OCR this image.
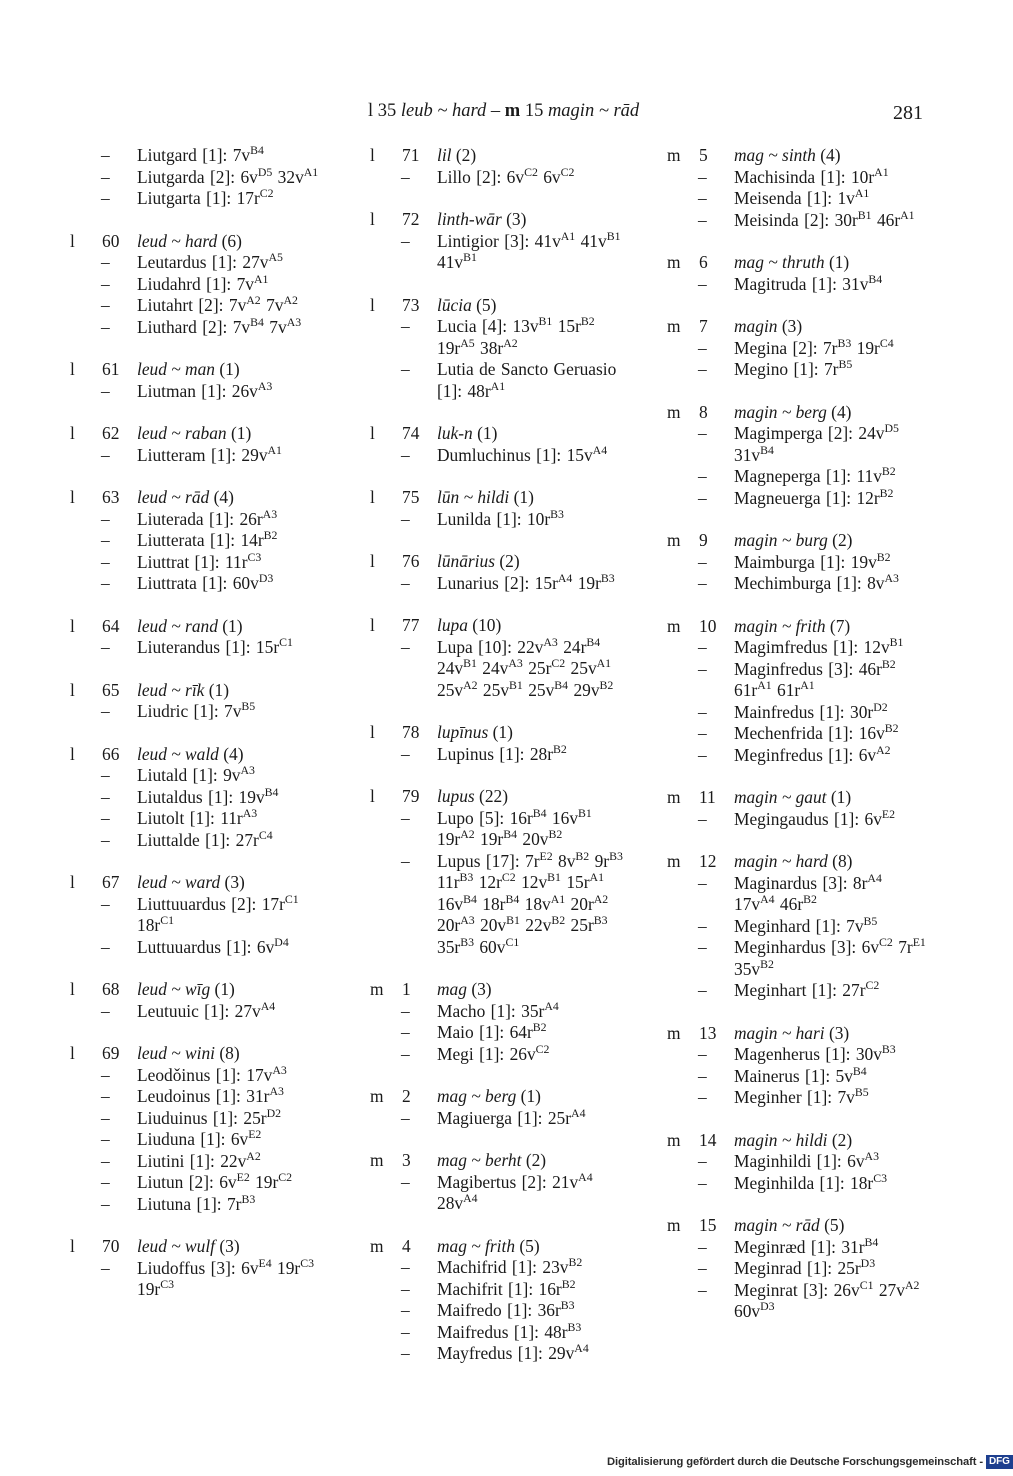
l 35 leub ~ hard – m 15 magin ~ rād	281
– Liutgard [1]: $7v^{B4}$
– Liutgarda [2]: $6v^{D5}$ $32v^{A1}$
– Liutgarta [1]: $17r^{C2}$
l 60 leud ~ hard (6)
– Leutardus [1]: $27v^{A5}$
– Liudahrd [1]: $7v^{A1}$
– Liutahrt [2]: $7v^{A2}$ $7v^{A2}$
– Liuthard [2]: $7v^{B4}$ $7v^{A3}$
l 61 leud ~ man (1)
– Liutman [1]: $26v^{A3}$
l 62 leud ~ raban (1)
– Liutteram [1]: $29v^{A1}$
l 63 leud ~ rād (4)
– Liuterada [1]: $26r^{A3}$
– Liutterata [1]: $14r^{B2}$
– Liuttrat [1]: $11r^{C3}$
– Liuttrata [1]: $60v^{D3}$
l 64 leud ~ rand (1)
– Liuterandus [1]: $15r^{C1}$
l 65 leud ~ rīk (1)
– Liudric [1]: $7v^{B5}$
l 66 leud ~ wald (4)
– Liutald [1]: $9v^{A3}$
– Liutaldus [1]: $19v^{B4}$
– Liutolt [1]: $11r^{A3}$
– Liuttalde [1]: $27r^{C4}$
l 67 leud ~ ward (3)
– Liuttuuardus [2]: $17r^{C1}$ $18r^{C1}$
– Luttuuardus [1]: $6v^{D4}$
l 68 leud ~ wīg (1)
– Leutuuic [1]: $27v^{A4}$
l 69 leud ~ wini (8)
– Leodǒinus [1]: $17v^{A3}$
– Leudoinus [1]: $31r^{A3}$
– Liuduinus [1]: $25r^{D2}$
– Liuduna [1]: $6v^{E2}$
– Liutini [1]: $22v^{A2}$
– Liutun [2]: $6v^{E2}$ $19r^{C2}$
– Liutuna [1]: $7r^{B3}$
l 70 leud ~ wulf (3)
– Liudoffus [3]: $6v^{E4}$ $19r^{C3}$ $19r^{C3}$
l 71 lil (2)
– Lillo [2]: $6v^{C2}$ $6v^{C2}$
l 72 linth-wār (3)
– Lintigior [3]: $41v^{A1}$ $41v^{B1}$ $41v^{B1}$
l 73 lūcia (5)
– Lucia [4]: $13v^{B1}$ $15r^{B2}$ $19r^{A5}$ $38r^{A2}$
– Lutia de Sancto Geruasio [1]: $48r^{A1}$
l 74 luk-n (1)
– Dumluchinus [1]: $15v^{A4}$
l 75 lūn ~ hildi (1)
– Lunilda [1]: $10r^{B3}$
l 76 lūnārius (2)
– Lunarius [2]: $15r^{A4}$ $19r^{B3}$
l 77 lupa (10)
– Lupa [10]: $22v^{A3}$ $24r^{B4}$ $24v^{B1}$ $24v^{A3}$ $25r^{C2}$ $25v^{A1}$ $25v^{A2}$ $25v^{B1}$ $25v^{B4}$ $29v^{B2}$
l 78 lupīnus (1)
– Lupinus [1]: $28r^{B2}$
l 79 lupus (22)
– Lupo [5]: $16r^{B4}$ $16v^{B1}$ $19r^{A2}$ $19r^{B4}$ $20v^{B2}$
– Lupus [17]: $7r^{E2}$ $8v^{B2}$ $9r^{B3}$ $11r^{B3}$ $12r^{C2}$ $12v^{B1}$ $15r^{A1}$ $16v^{B4}$ $18r^{B4}$ $18v^{A1}$ $20r^{A2}$ $20r^{A3}$ $20v^{B1}$ $22v^{B2}$ $25r^{B3}$ $35r^{B3}$ $60v^{C1}$
m 1 mag (3)
– Macho [1]: $35r^{A4}$
– Maio [1]: $64r^{B2}$
– Megi [1]: $26v^{C2}$
m 2 mag ~ berg (1)
– Magiuerga [1]: $25r^{A4}$
m 3 mag ~ berht (2)
– Magibertus [2]: $21v^{A4}$ $28v^{A4}$
m 4 mag ~ frith (5)
– Machifrid [1]: $23v^{B2}$
– Machifrit [1]: $16r^{B2}$
– Maifredo [1]: $36r^{B3}$
– Maifredus [1]: $48r^{B3}$
– Mayfredus [1]: $29v^{A4}$
m 5 mag ~ sinth (4)
– Machisinda [1]: $10r^{A1}$
– Meisenda [1]: $1v^{A1}$
– Meisinda [2]: $30r^{B1}$ $46r^{A1}$
m 6 mag ~ thruth (1)
– Magitruda [1]: $31v^{B4}$
m 7 magin (3)
– Megina [2]: $7r^{B3}$ $19r^{C4}$
– Megino [1]: $7r^{B5}$
m 8 magin ~ berg (4)
– Magimperga [2]: $24v^{D5}$ $31v^{B4}$
– Magneperga [1]: $11v^{B2}$
– Magneuerga [1]: $12r^{B2}$
m 9 magin ~ burg (2)
– Maimburga [1]: $19v^{B2}$
– Mechimburga [1]: $8v^{A3}$
m 10 magin ~ frith (7)
– Magimfredus [1]: $12v^{B1}$
– Maginfredus [3]: $46r^{B2}$ $61r^{A1}$ $61r^{A1}$
– Mainfredus [1]: $30r^{D2}$
– Mechenfrida [1]: $16v^{B2}$
– Meginfredus [1]: $6v^{A2}$
m 11 magin ~ gaut (1)
– Megingaudus [1]: $6v^{E2}$
m 12 magin ~ hard (8)
– Maginardus [3]: $8r^{A4}$ $17v^{A4}$ $46r^{B2}$
– Meginhard [1]: $7v^{B5}$
– Meginhardus [3]: $6v^{C2}$ $7r^{E1}$ $35v^{B2}$
– Meginhart [1]: $27r^{C2}$
m 13 magin ~ hari (3)
– Magenherus [1]: $30v^{B3}$
– Mainerus [1]: $5v^{B4}$
– Meginher [1]: $7v^{B5}$
m 14 magin ~ hildi (2)
– Maginhildi [1]: $6v^{A3}$
– Meginhilda [1]: $18r^{C3}$
m 15 magin ~ rād (5)
– Meginræd [1]: $31r^{B4}$
– Meginrad [1]: $25r^{D3}$
– Meginrat [3]: $26v^{C1}$ $27v^{A2}$ $60v^{D3}$
Digitalisierung gefördert durch die Deutsche Forschungsgemeinschaft - DFG
